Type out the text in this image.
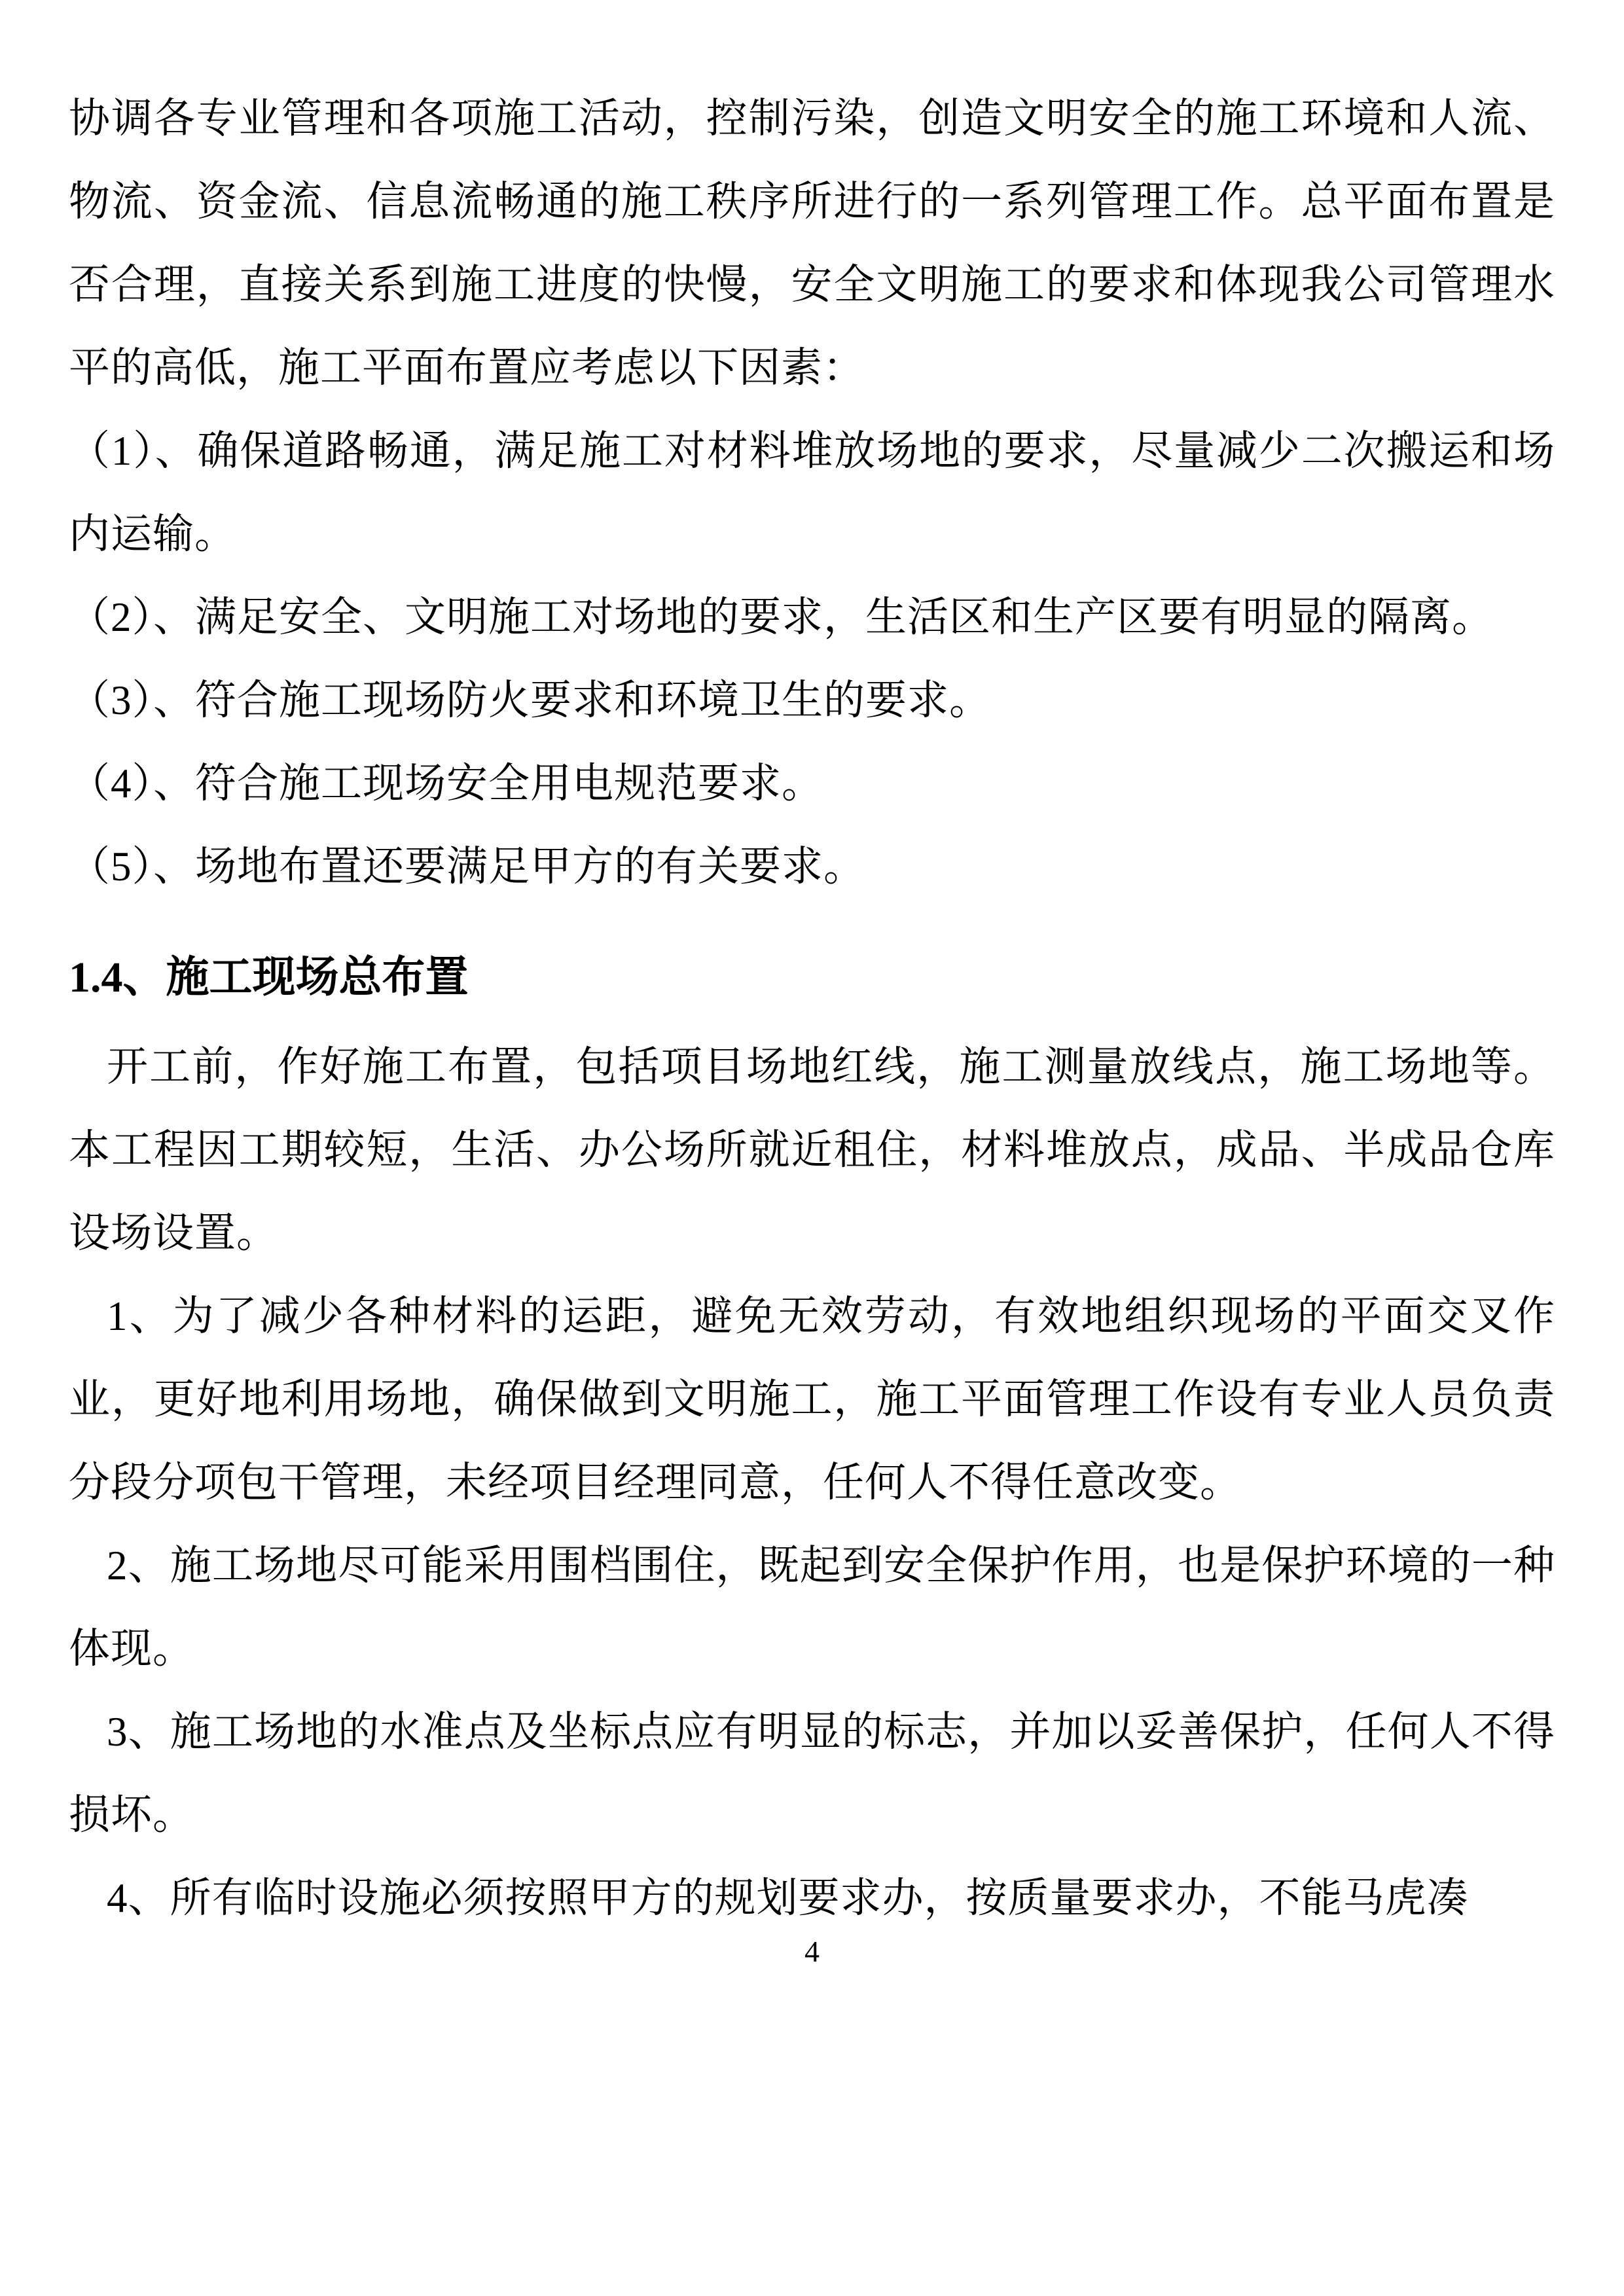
协调各专业管理和各项施工活动，控制污染，创造文明安全的施工环境和人流、物流、资金流、信息流畅通的施工秩序所进行的一系列管理工作。总平面布置是否合理，直接关系到施工进度的快慢，安全文明施工的要求和体现我公司管理水平的高低，施工平面布置应考虑以下因素：

（1）、确保道路畅通，满足施工对材料堆放场地的要求，尽量减少二次搬运和场内运输。

（2）、满足安全、文明施工对场地的要求，生活区和生产区要有明显的隔离。

（3）、符合施工现场防火要求和环境卫生的要求。

（4）、符合施工现场安全用电规范要求。

（5）、场地布置还要满足甲方的有关要求。

1.4、施工现场总布置

开工前，作好施工布置，包括项目场地红线，施工测量放线点，施工场地等。本工程因工期较短，生活、办公场所就近租住，材料堆放点，成品、半成品仓库设场设置。

1、为了减少各种材料的运距，避免无效劳动，有效地组织现场的平面交叉作业，更好地利用场地，确保做到文明施工，施工平面管理工作设有专业人员负责分段分项包干管理，未经项目经理同意，任何人不得任意改变。

2、施工场地尽可能采用围档围住，既起到安全保护作用，也是保护环境的一种体现。

3、施工场地的水准点及坐标点应有明显的标志，并加以妥善保护，任何人不得损坏。

4、所有临时设施必须按照甲方的规划要求办，按质量要求办，不能马虎凑

4
